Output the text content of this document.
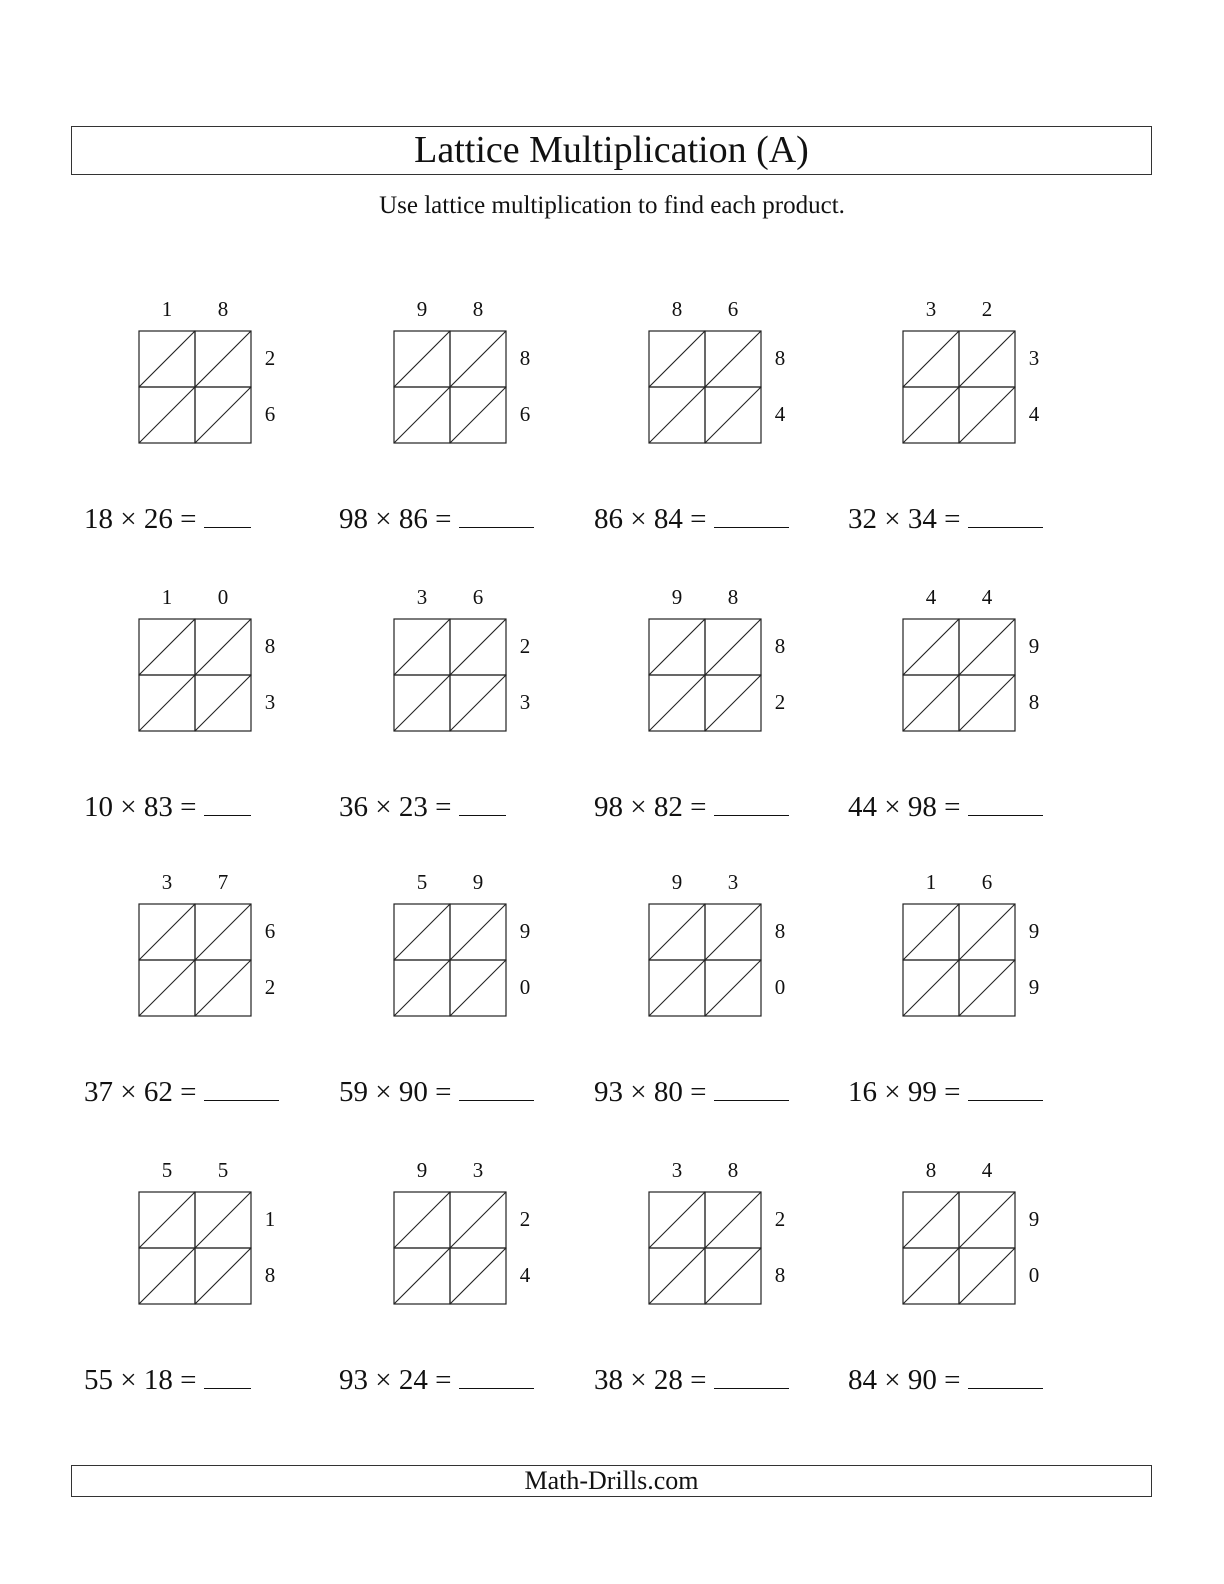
Lattice Multiplication (A)
Use lattice multiplication to find each product.
1 8
2
6
18 × 26 =
9 8
8
6
98 × 86 =
8 6
8
4
86 × 84 =
3 2
3
4
32 × 34 =
1 0
8
3
10 × 83 =
3 6
2
3
36 × 23 =
9 8
8
2
98 × 82 =
4 4
9
8
44 × 98 =
3 7
6
2
37 × 62 =
5 9
9
0
59 × 90 =
9 3
8
0
93 × 80 =
1 6
9
9
16 × 99 =
5 5
1
8
55 × 18 =
9 3
2
4
93 × 24 =
3 8
2
8
38 × 28 =
8 4
9
0
84 × 90 =
Math-Drills.com
